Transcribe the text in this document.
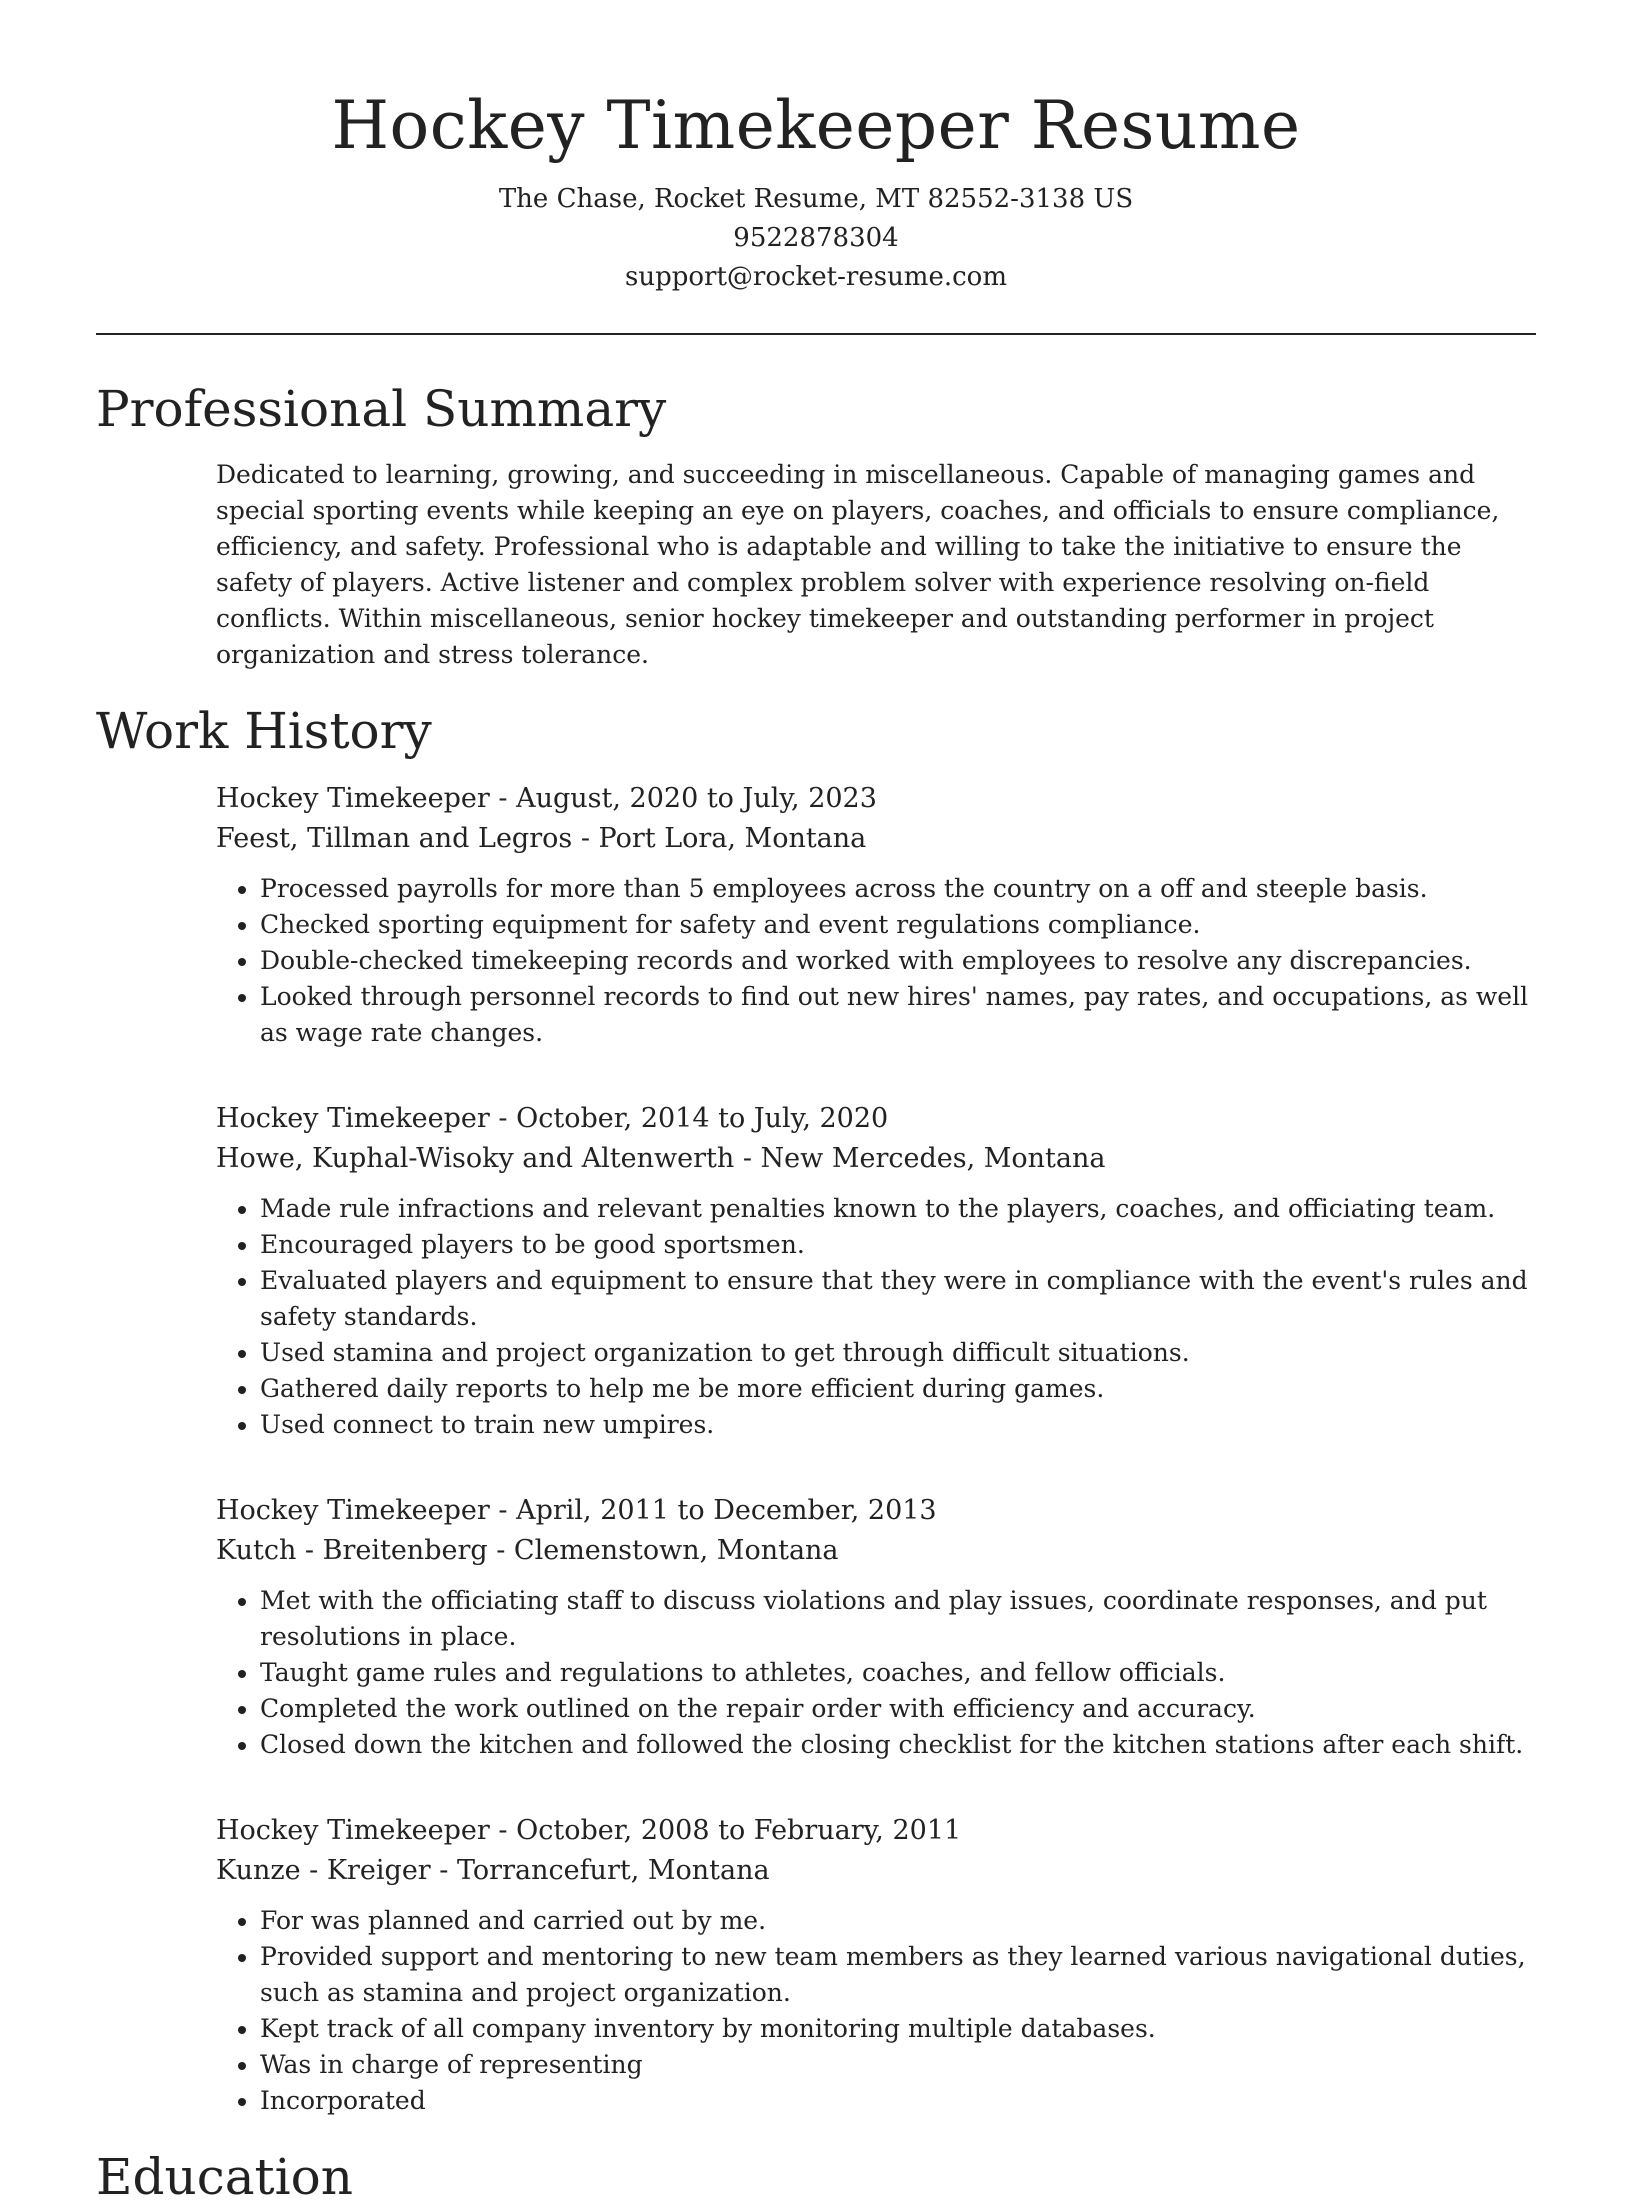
Hockey Timekeeper Resume
The Chase, Rocket Resume, MT 82552-3138 US
9522878304
support@rocket-resume.com
Professional Summary
Dedicated to learning, growing, and succeeding in miscellaneous. Capable of managing games and special sporting events while keeping an eye on players, coaches, and officials to ensure compliance, efficiency, and safety. Professional who is adaptable and willing to take the initiative to ensure the safety of players. Active listener and complex problem solver with experience resolving on-field conflicts. Within miscellaneous, senior hockey timekeeper and outstanding performer in project organization and stress tolerance.
Work History
Hockey Timekeeper - August, 2020 to July, 2023
Feest, Tillman and Legros - Port Lora, Montana
• Processed payrolls for more than 5 employees across the country on a off and steeple basis.
• Checked sporting equipment for safety and event regulations compliance.
• Double-checked timekeeping records and worked with employees to resolve any discrepancies.
• Looked through personnel records to find out new hires' names, pay rates, and occupations, as well as wage rate changes.
Hockey Timekeeper - October, 2014 to July, 2020
Howe, Kuphal-Wisoky and Altenwerth - New Mercedes, Montana
• Made rule infractions and relevant penalties known to the players, coaches, and officiating team.
• Encouraged players to be good sportsmen.
• Evaluated players and equipment to ensure that they were in compliance with the event's rules and safety standards.
• Used stamina and project organization to get through difficult situations.
• Gathered daily reports to help me be more efficient during games.
• Used connect to train new umpires.
Hockey Timekeeper - April, 2011 to December, 2013
Kutch - Breitenberg - Clemenstown, Montana
• Met with the officiating staff to discuss violations and play issues, coordinate responses, and put resolutions in place.
• Taught game rules and regulations to athletes, coaches, and fellow officials.
• Completed the work outlined on the repair order with efficiency and accuracy.
• Closed down the kitchen and followed the closing checklist for the kitchen stations after each shift.
Hockey Timekeeper - October, 2008 to February, 2011
Kunze - Kreiger - Torrancefurt, Montana
• For was planned and carried out by me.
• Provided support and mentoring to new team members as they learned various navigational duties, such as stamina and project organization.
• Kept track of all company inventory by monitoring multiple databases.
• Was in charge of representing
• Incorporated
Education
